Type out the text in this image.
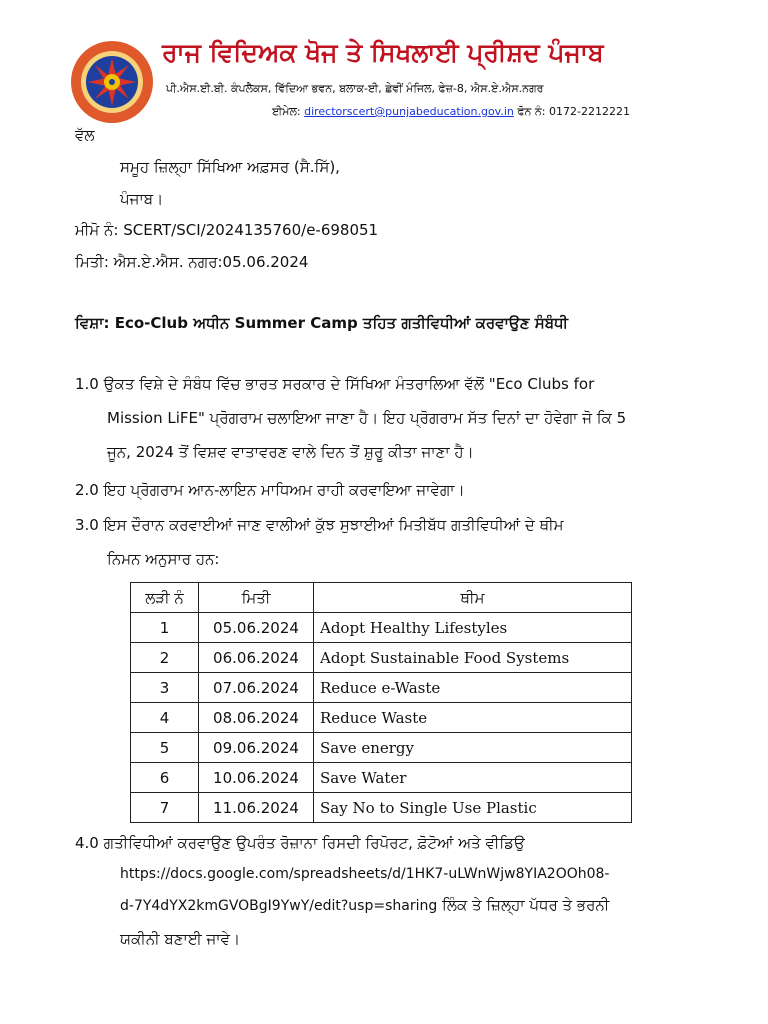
ਰਾਜ ਵਿਦਿਅਕ ਖੋਜ ਤੇ ਸਿਖਲਾਈ ਪ੍ਰੀਸ਼ਦ ਪੰਜਾਬ
ਪੀ.ਐਸ.ਈ.ਬੀ. ਕੰਪਲੈਕਸ, ਵਿੱਦਿਆ ਭਵਨ, ਬਲਾਕ-ਈ, ਛੇਵੀਂ ਮੰਜਿਲ, ਫੇਜ਼-8, ਐਸ.ਏ.ਐਸ.ਨਗਰ
ਈਮੇਲ: directorscert@punjabeducation.gov.in ਫੋਨ ਨੰ: 0172-2212221
ਵੱਲ
ਸਮੂਹ ਜ਼ਿਲ੍ਹਾ ਸਿੱਖਿਆ ਅਫ਼ਸਰ (ਸੈ.ਸਿੱ),
ਪੰਜਾਬ।
ਮੀਮੋ ਨੰ: SCERT/SCI/2024135760/e-698051
ਮਿਤੀ: ਐਸ.ਏ.ਐਸ. ਨਗਰ:05.06.2024
ਵਿਸ਼ਾ: Eco-Club ਅਧੀਨ Summer Camp ਤਹਿਤ ਗਤੀਵਿਧੀਆਂ ਕਰਵਾਉਣ ਸੰਬੰਧੀ
1.0 ਉਕਤ ਵਿਸ਼ੇ ਦੇ ਸੰਬੰਧ ਵਿੱਚ ਭਾਰਤ ਸਰਕਾਰ ਦੇ ਸਿੱਖਿਆ ਮੰਤਰਾਲਿਆ ਵੱਲੋਂ "Eco Clubs for
Mission LiFE" ਪ੍ਰੋਗਰਾਮ ਚਲਾਇਆ ਜਾਣਾ ਹੈ। ਇਹ ਪ੍ਰੋਗਰਾਮ ਸੱਤ ਦਿਨਾਂ ਦਾ ਹੋਵੇਗਾ ਜੋ ਕਿ 5
ਜੂਨ, 2024 ਤੋਂ ਵਿਸ਼ਵ ਵਾਤਾਵਰਣ ਵਾਲੇ ਦਿਨ ਤੋਂ ਸ਼ੁਰੂ ਕੀਤਾ ਜਾਣਾ ਹੈ।
2.0 ਇਹ ਪ੍ਰੋਗਰਾਮ ਆਨ-ਲਾਇਨ ਮਾਧਿਅਮ ਰਾਹੀ ਕਰਵਾਇਆ ਜਾਵੇਗਾ।
3.0 ਇਸ ਦੌਰਾਨ ਕਰਵਾਈਆਂ ਜਾਣ ਵਾਲੀਆਂ ਕੁੱਝ ਸੁਝਾਈਆਂ ਮਿਤੀਬੱਧ ਗਤੀਵਿਧੀਆਂ ਦੇ ਥੀਮ
ਨਿਮਨ ਅਨੁਸਾਰ ਹਨ:
ਲੜੀ ਨੰ	ਮਿਤੀ	ਥੀਮ
1	05.06.2024	Adopt Healthy Lifestyles
2	06.06.2024	Adopt Sustainable Food Systems
3	07.06.2024	Reduce e-Waste
4	08.06.2024	Reduce Waste
5	09.06.2024	Save energy
6	10.06.2024	Save Water
7	11.06.2024	Say No to Single Use Plastic
4.0 ਗਤੀਵਿਧੀਆਂ ਕਰਵਾਉਣ ਉਪਰੰਤ ਰੋਜ਼ਾਨਾ ਰਿਸਦੀ ਰਿਪੋਰਟ, ਫ਼ੋਟੋਆਂ ਅਤੇ ਵੀਡਿਉ
https://docs.google.com/spreadsheets/d/1HK7-uLWnWjw8YIA2OOh08-
d-7Y4dYX2kmGVOBgI9YwY/edit?usp=sharing ਲਿੰਕ ਤੇ ਜ਼ਿਲ੍ਹਾ ਪੱਧਰ ਤੇ ਭਰਨੀ
ਯਕੀਨੀ ਬਣਾਈ ਜਾਵੇ।
